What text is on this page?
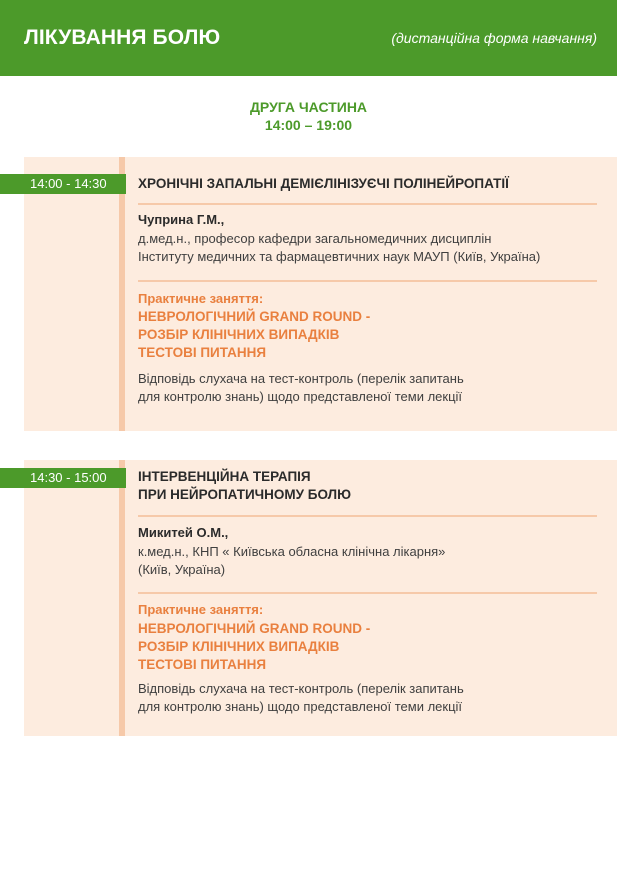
ЛІКУВАННЯ БОЛЮ	(дистанційна форма навчання)
ДРУГА ЧАСТИНА
14:00 – 19:00
14:00 - 14:30	ХРОНІЧНІ ЗАПАЛЬНІ ДЕМІЄЛІНІЗУЄЧІ ПОЛІНЕЙРОПАТІЇ
Чуприна Г.М.,
д.мед.н., професор кафедри загальномедичних дисциплін
Інституту медичних та фармацевтичних наук МАУП (Київ, Україна)
Практичне заняття:
НЕВРОЛОГІЧНИЙ GRAND ROUND -
РОЗБІР КЛІНІЧНИХ ВИПАДКІВ
ТЕСТОВІ ПИТАННЯ
Відповідь слухача на тест-контроль (перелік запитань
для контролю знань) щодо представленої теми лекції
14:30 - 15:00	ІНТЕРВЕНЦІЙНА ТЕРАПІЯ
ПРИ НЕЙРОПАТИЧНОМУ БОЛЮ
Микитей О.М.,
к.мед.н., КНП « Київська обласна клінічна лікарня»
(Київ, Україна)
Практичне заняття:
НЕВРОЛОГІЧНИЙ GRAND ROUND -
РОЗБІР КЛІНІЧНИХ ВИПАДКІВ
ТЕСТОВІ ПИТАННЯ
Відповідь слухача на тест-контроль (перелік запитань
для контролю знань) щодо представленої теми лекції
